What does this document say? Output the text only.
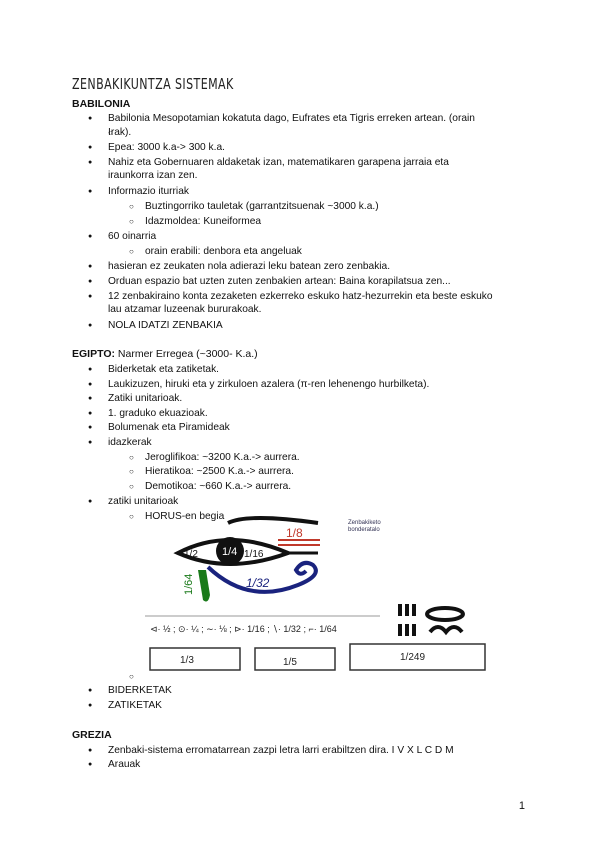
ZENBAKIKUNTZA SISTEMAK
BABILONIA
● Babilonia Mesopotamian kokatuta dago, Eufrates eta Tigris erreken artean. (orain
○ Irak).
● Epea: 3000 k.a-> 300 k.a.
● Nahiz eta Gobernuaren aldaketak izan, matematikaren garapena jarraia eta
iraunkorra izan zen.
● Informazio iturriak
○ Buztingorriko tauletak (garrantzitsuenak ~3000 k.a.)
○ Idazmoldea: Kuneiformea
● 60 oinarria
○ orain erabili: denbora eta angeluak
● hasieran ez zeukaten nola adierazi leku batean zero zenbakia.
● Orduan espazio bat uzten zuten zenbakien artean: Baina korapilatsua zen...
● 12 zenbakiraino konta zezaketen ezkerreko eskuko hatz-hezurrekin eta beste eskuko
lau atzamar luzeenak bururakoak.
● NOLA IDATZI ZENBAKIA
EGIPTO: Narmer Erregea (~3000- K.a.)
● Biderketak eta zatiketak.
● Laukizuzen, hiruki eta y zirkuloen azalera (π-ren lehenengo hurbilketa).
● Zatiki unitarioak.
● 1. graduko ekuazioak.
● Bolumenak eta Piramideak
● idazkerak
○ Jeroglifikoa: ~3200 K.a.-> aurrera.
○ Hieratikoa: ~2500 K.a.-> aurrera.
○ Demotikoa: ~660 K.a.-> aurrera.
● zatiki unitarioak
○ HORUS-en begia
1/2 1/4 1/16
1/8
1/32
1/64
Zenbakiketo
bonderatalo
⊲· ½ ; ⊙· ¼ ; ∼· ⅛ ; ⊳· 1/16 ; ∖· 1/32 ; ⌐· 1/64
1/3	1/5	1/249
● BIDERKETAK
● ZATIKETAK
GREZIA
● Zenbaki-sistema erromatarrean zazpi letra larri erabiltzen dira. I V X L C D M
● Arauak
1
